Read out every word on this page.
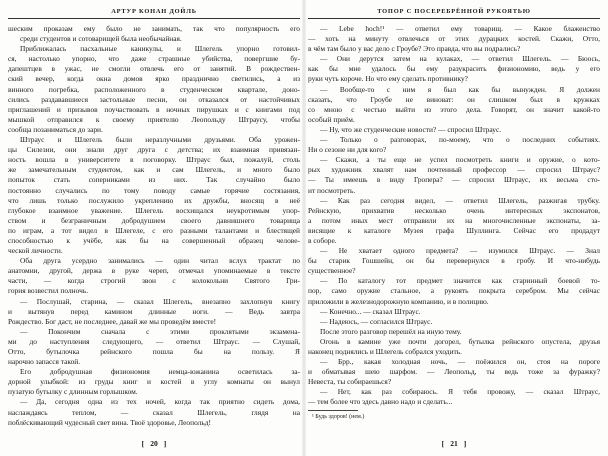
АРТУР КОНАН ДОЙЛЬ
шеским проказам ему было не занимать, так что популярность его
среди студентов и сотоварищей была необычайная.
Приближалась пасхальные каникулы, и Шлегель упорно готовил-
ся, настолько упорно, что даже страшные убийства, повергшие бу-
дапештцев в ужас, не смогли отвлечь его от занятий. В рождествен-
ский вечер, когда окна домов ярко празднично светились, а из
винного погребка, расположенного в студенческом квартале, доно-
сились раздававшиеся застольные песни, он отказался от настойчивых
приглашений и призывов поучаствовать в ночных пирушках и с книгами под
мышкой отправился к своему приятелю Леопольду Штраусу, чтобы
сообща позаниматься до зари.
Штраус и Шлегель были неразлучными друзьями. Оба урожен-
цы Силезии, они знали друг друга с детства; их взаимная привязан-
ность вошла в университете в поговорку. Штраус был, пожалуй, столь
же замечательным студентом, как и сам Шлегель, и много было
попыток стать соперниками из них. Так случайно было
постоянно случались по тому поводу самые горячие состязания,
что лишь только послужило укреплению их дружбы, вносящ в неё
глубокое взаимное уважение. Шлегель восхищался неукротимым упор-
ством и безграничным добродушием своего давнишнего товарища
по играм, а тот видел в Шлегеле, с его разными талантами и блестящей
способностью к учёбе, как бы на совершенный образец челове-
ческой личности.
Оба друга усердно занимались — один читал вслух трактат по
анатомии, другой, держа в руке череп, отмечал упоминаемые в тексте
части, — когда строгий звон с колокольни Святого Гри-
гория возвестил полночь.
— Послушай, старина, — сказал Шлегель, внезапно захлопнув книгу
и вытянув перед каминoм длинные ноги. — Ведь завтра
Рождество. Бог даст, не последнее, давай же мы проведём вместе!
— Покончим сначала с этими проклятыми экзамена-
ми до наступления следующего, — ответил Штраус. — Слушай,
Отто, бутылочка рейнского пошла бы на пользу. Я
нарочно запасся такой.
Его добродушная физиономия немца-южанина осветилась за-
дорной улыбкой: из груды книг и костей в углу комнаты он вынул
пузатую бутылку с длинным горлышком.
— Да, сегодня одна из тех ночей, когда так приятно сидеть дома,
наслаждаясь теплом, — сказал Шлегель, глядя на
поблёскивающий чудесный свет вина. Твоё здоровье, Леопольд!
[ 20 ]
ТОПОР С ПОСЕРЕБРЁННОЙ РУКОЯТЬЮ
— Lebe hoch!¹ — ответил ему товарищ. — Какое блаженство
— хоть на минуту отвлечься от этих дурацких костей. Скажи, Отто,
в чём там было у вас дело с Гроубе? Это правда, что вы подрались?
— Они дерутся затем на кулаках, — ответил Шлегель. — Бюось,
как бы мне удалось бы ему разукрасить физиономию, ведь у его
руки чуть короче. Но что ему сделать противнику?
— Вообще-то с ним я был как бы вынужден. Я должен
сказать, что Гроубе не виноват: он слишком был в кружках
со мною с честью выйти из этого дела. Говорят, он значит какой-то
особый приём.
— Ну, что же студенческие новости? — спросил Штраус.
— Только о разговорах, по-моему, что о последних событиях.
Ни о сезоне ни для кого?
— Скажи, а ты еще не успел посмотреть книги и оружие, о кото-
рых художник хвалят нам почтенный профессор — спросил Штраус?
— Ты имеешь в виду Гропера? — спросил Штраус, их весьма сто-
ит посмотреть.
— Как раз сегодня видел, — ответил Шлегель, разжигая трубку.
Рейнскую, прихватив несколько очень интересных экспонатов,
а потом иных мест отправили их на многочисленные экспонаты, за-
висящие к каталоге Музея графа Шуллинга. Сейчас его продадут
в соборе.
— Не хватает одного предмета? — изумился Штраус. — Знал
бы старик Гошшейн, он бы перевернулся в гробу. И что-нибудь
существенное?
— По каталогу тот предмет значится как старинный боевой то-
пор, само оружие стальное, а рукоять покрыта серебром. Мы сейчас
приложили в железнодорожную компанию, и в полицию.
— Конечно... — сказал Штраус.
— Надеюсь, — согласился Штраус.
После этого разговор перешёл на иную тему.
Огонь в камине уже почти догорел, бутылка рейнского опустела, друзья
наконец поднялись и Шлегель собрался уходить.
— Брр., какая холодная ночь, — поёжился он, стоя на пороге
и обматывая шею шарфом. — Леопольд, ты ведь тоже за фуражку?
Невеста, ты собираешься?
— Нет, как раз собираюсь. Я тебя провожу, — сказал Штраус,
— тем более что здесь давно надо и сделать...
¹ Будь здоров! (нем.)
[ 21 ]
